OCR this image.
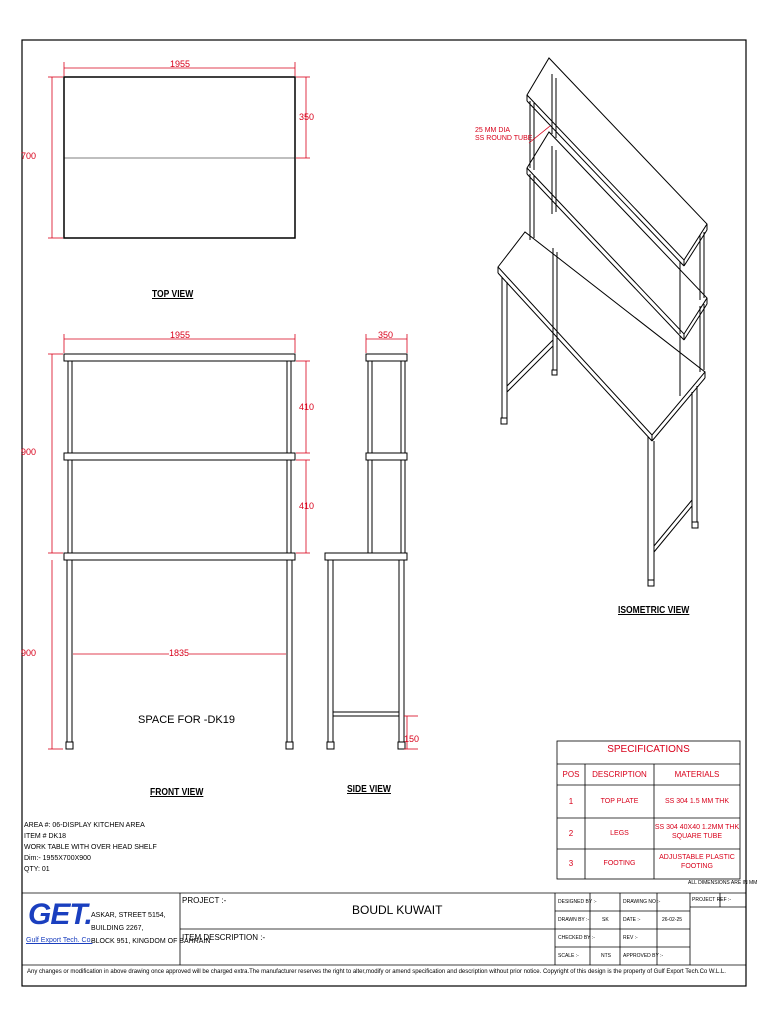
TOP VIEW
FRONT VIEW	SIDE VIEW
ISOMETRIC VIEW
1955
350
700
1955
410
410
900
900	1835
350
150
25 MM DIA
SS ROUND TUBE
SPACE FOR -DK19
SPECIFICATIONS
POS	DESCRIPTION	MATERIALS
1	TOP PLATE	SS 304 1.5 MM THK
2	LEGS
SS 304 40X40 1.2MM THK
SQUARE TUBE
3	FOOTING
ADJUSTABLE PLASTIC
FOOTING
ALL DIMENSIONS ARE IN MM
AREA #: 06-DISPLAY KITCHEN AREA
ITEM # DK18
WORK TABLE WITH OVER HEAD SHELF
Dim:- 1955X700X900
QTY: 01
GET.
Gulf Export Tech. Co.
ASKAR, STREET 5154,
BUILDING 2267,
BLOCK 951, KINGDOM OF BAHRAIN
PROJECT :-
BOUDL KUWAIT
ITEM DESCRIPTION :-
DESIGNED BY :-	DRAWING NO :-	PROJECT REF :-
DRAWN BY :-	SK	DATE :-	26-02-25
CHECKED BY :-	REV :-
SCALE :-	NTS APPROVED BY :-
Any changes or modification in above drawing once approved will be charged extra.The manufacturer reserves the right to alter,modify or amend specification and description without prior notice. Copyright of this design is the property of Gulf Export Tech.Co W.L.L.
